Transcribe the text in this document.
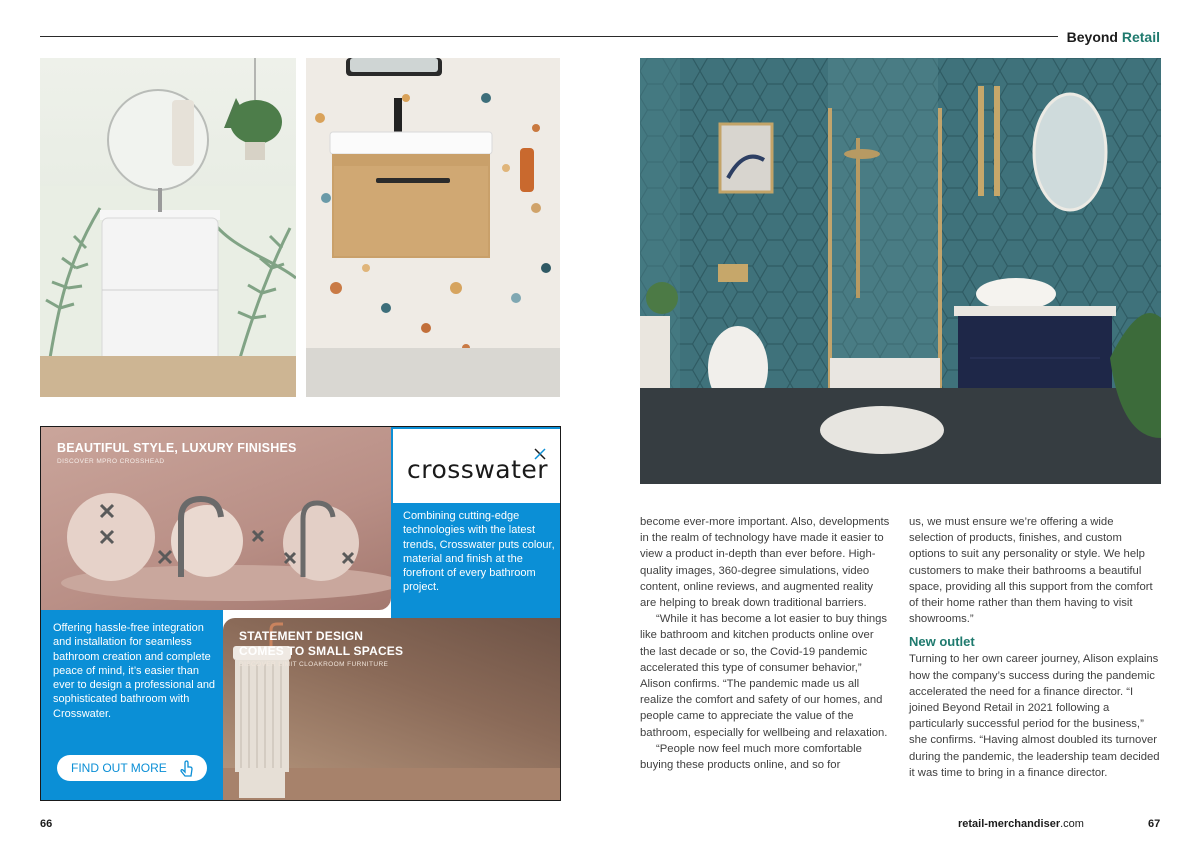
Beyond Retail
BEAUTIFUL STYLE, LUXURY FINISHES
DISCOVER MPRO CROSSHEAD	crosswater
Combining cutting-edge technologies with the latest trends, Crosswater puts colour, material and finish at the forefront of every bathroom project.
Offering hassle-free integration and installation for seamless bathroom creation and complete peace of mind, it’s easier than ever to design a professional and sophisticated bathroom with Crosswater.
FIND OUT MORE
STATEMENT DESIGN
COMES TO SMALL SPACES
DISCOVER LIMIT CLOAKROOM FURNITURE

become ever-more important. Also, developments in the realm of technology have made it easier to view a product in-depth than ever before. High-quality images, 360-degree simulations, video content, online reviews, and augmented reality are helping to break down traditional barriers.

“While it has become a lot easier to buy things like bathroom and kitchen products online over the last decade or so, the Covid-19 pandemic accelerated this type of consumer behavior,” Alison confirms. “The pandemic made us all realize the comfort and safety of our homes, and people came to appreciate the value of the bathroom, especially for wellbeing and relaxation.

“People now feel much more comfortable buying these products online, and so for

us, we must ensure we’re offering a wide selection of products, finishes, and custom options to suit any personality or style. We help customers to make their bathrooms a beautiful space, providing all this support from the comfort of their home rather than them having to visit showrooms.”

New outlet

Turning to her own career journey, Alison explains how the company’s success during the pandemic accelerated the need for a finance director. “I joined Beyond Retail in 2021 following a particularly successful period for the business,” she confirms. “Having almost doubled its turnover during the pandemic, the leadership team decided it was time to bring in a finance director.

66	retail-merchandiser.com	67
